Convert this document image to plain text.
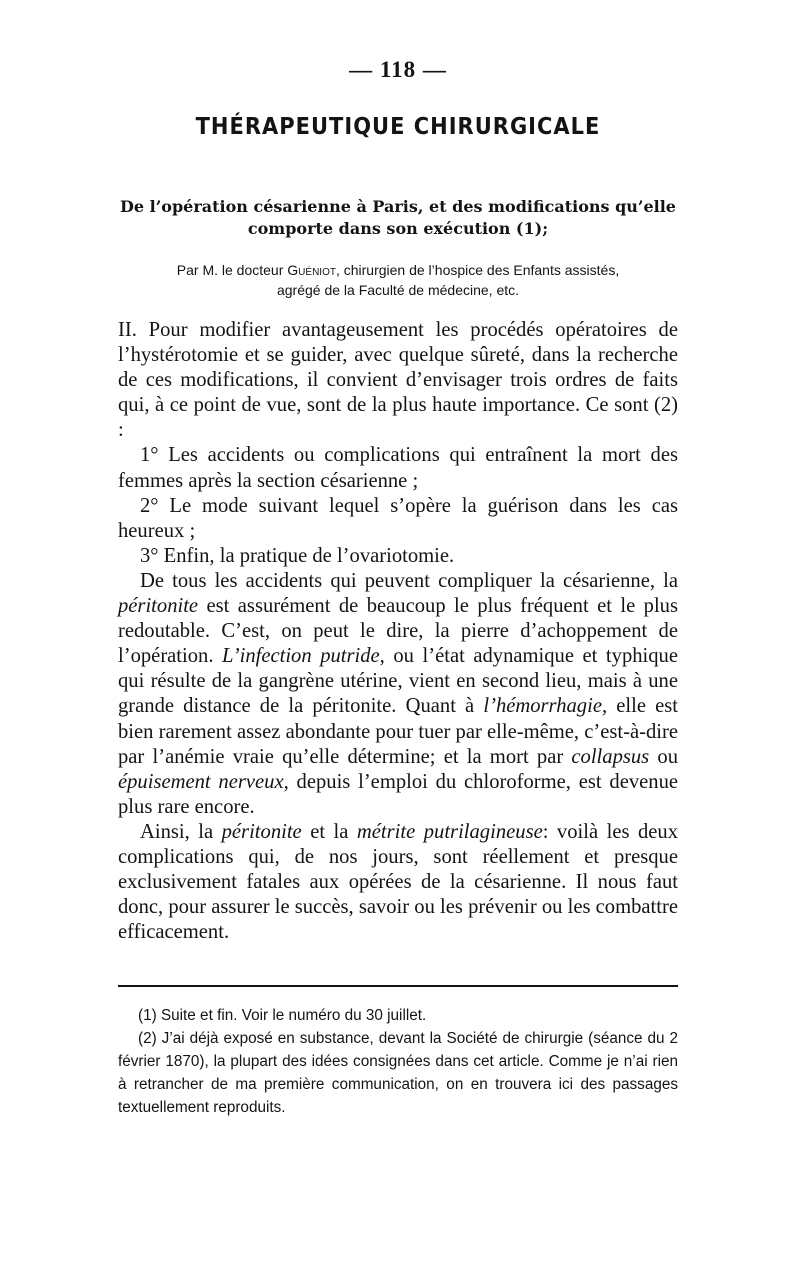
— 118 —
THÉRAPEUTIQUE CHIRURGICALE
De l’opération césarienne à Paris, et des modifications qu’elle
comporte dans son exécution (1);
Par M. le docteur Guéniot, chirurgien de l’hospice des Enfants assistés,
agrégé de la Faculté de médecine, etc.

II. Pour modifier avantageusement les procédés opératoires de l’hystérotomie et se guider, avec quelque sûreté, dans la recherche de ces modifications, il convient d’envisager trois ordres de faits qui, à ce point de vue, sont de la plus haute importance. Ce sont (2) :

1° Les accidents ou complications qui entraînent la mort des femmes après la section césarienne ;

2° Le mode suivant lequel s’opère la guérison dans les cas heureux ;

3° Enfin, la pratique de l’ovariotomie.

De tous les accidents qui peuvent compliquer la césarienne, la péritonite est assurément de beaucoup le plus fréquent et le plus redoutable. C’est, on peut le dire, la pierre d’achoppement de l’opération. L’infection putride, ou l’état adynamique et typhique qui résulte de la gangrène utérine, vient en second lieu, mais à une grande distance de la péritonite. Quant à l’hémorrhagie, elle est bien rarement assez abondante pour tuer par elle-même, c’est-à-dire par l’anémie vraie qu’elle détermine; et la mort par collapsus ou épuisement nerveux, depuis l’emploi du chloroforme, est devenue plus rare encore.

Ainsi, la péritonite et la métrite putrilagineuse: voilà les deux complications qui, de nos jours, sont réellement et presque exclusivement fatales aux opérées de la césarienne. Il nous faut donc, pour assurer le succès, savoir ou les prévenir ou les combattre efficacement.

(1) Suite et fin. Voir le numéro du 30 juillet.

(2) J’ai déjà exposé en substance, devant la Société de chirurgie (séance du 2 février 1870), la plupart des idées consignées dans cet article. Comme je n’ai rien à retrancher de ma première communication, on en trouvera ici des passages textuellement reproduits.
